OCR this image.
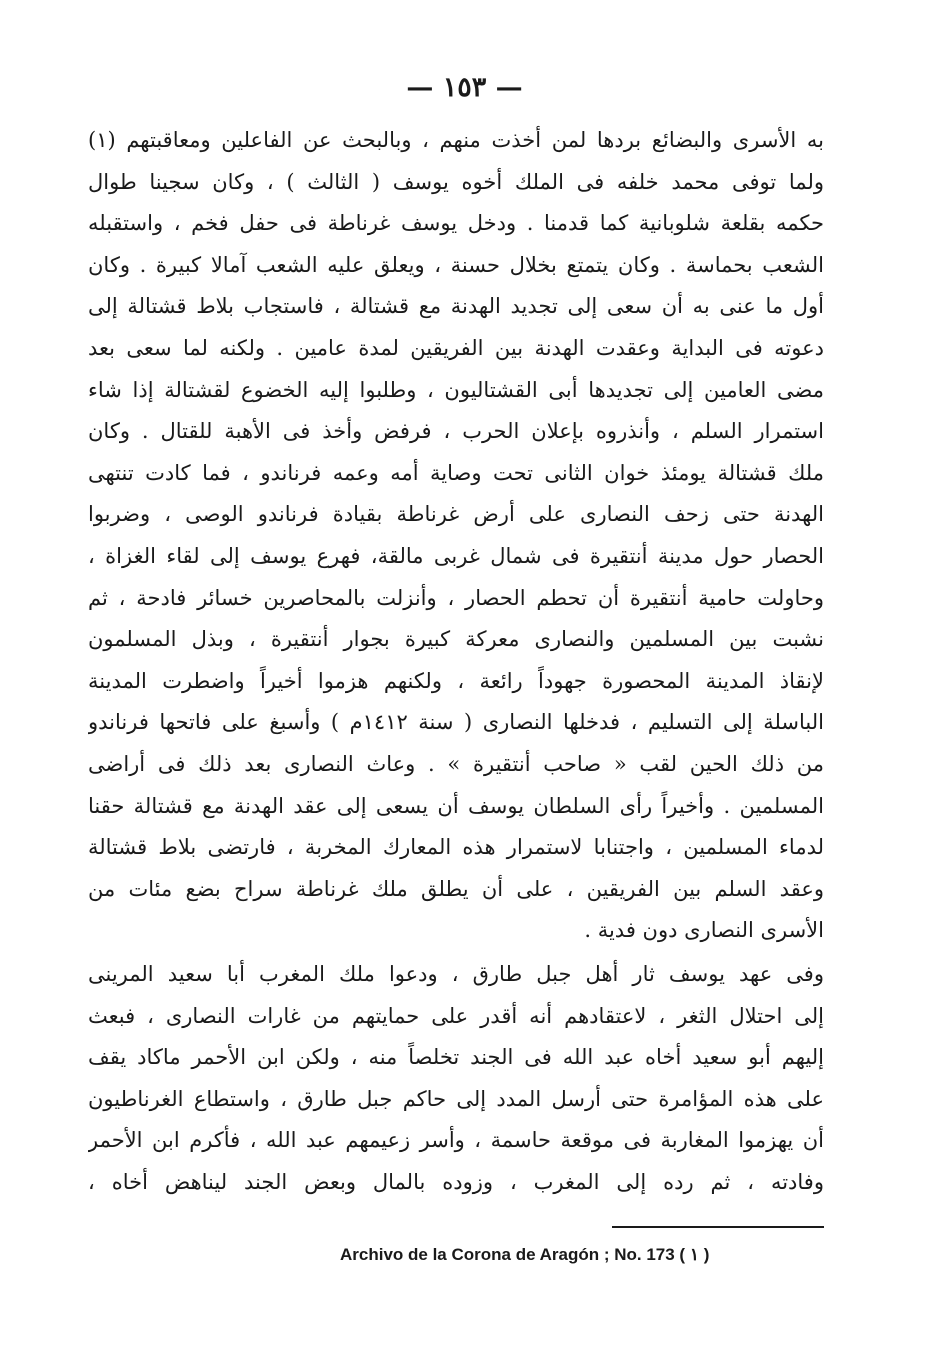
— ١٥٣ —
به الأسرى والبضائع بردها لمن أخذت منهم ، وبالبحث عن الفاعلين ومعاقبتهم (١)
ولما توفى محمد خلفه فى الملك أخوه يوسف ( الثالث ) ، وكان سجينا طوال
حكمه بقلعة شلوبانية كما قدمنا . ودخل يوسف غرناطة فى حفل فخم ، واستقبله
الشعب بحماسة . وكان يتمتع بخلال حسنة ، ويعلق عليه الشعب آمالا كبيرة . وكان
أول ما عنى به أن سعى إلى تجديد الهدنة مع قشتالة ، فاستجاب بلاط قشتالة إلى
دعوته فى البداية وعقدت الهدنة بين الفريقين لمدة عامين . ولكنه لما سعى بعد
مضى العامين إلى تجديدها أبى القشتاليون ، وطلبوا إليه الخضوع لقشتالة إذا شاء
استمرار السلم ، وأنذروه بإعلان الحرب ، فرفض وأخذ فى الأهبة للقتال . وكان
ملك قشتالة يومئذ خوان الثانى تحت وصاية أمه وعمه فرناندو ، فما كادت تنتهى
الهدنة حتى زحف النصارى على أرض غرناطة بقيادة فرناندو الوصى ، وضربوا
الحصار حول مدينة أنتقيرة فى شمال غربى مالقة، فهرع يوسف إلى لقاء الغزاة ،
وحاولت حامية أنتقيرة أن تحطم الحصار ، وأنزلت بالمحاصرين خسائر فادحة ، ثم
نشبت بين المسلمين والنصارى معركة كبيرة بجوار أنتقيرة ، وبذل المسلمون
لإنقاذ المدينة المحصورة جهوداً رائعة ، ولكنهم هزموا أخيراً واضطرت المدينة
الباسلة إلى التسليم ، فدخلها النصارى ( سنة ١٤١٢م ) وأسبغ على فاتحها فرناندو
من ذلك الحين لقب « صاحب أنتقيرة » . وعاث النصارى بعد ذلك فى أراضى
المسلمين . وأخيراً رأى السلطان يوسف أن يسعى إلى عقد الهدنة مع قشتالة حقنا
لدماء المسلمين ، واجتنابا لاستمرار هذه المعارك المخربة ، فارتضى بلاط قشتالة
وعقد السلم بين الفريقين ، على أن يطلق ملك غرناطة سراح بضع مئات من
الأسرى النصارى دون فدية .
وفى عهد يوسف ثار أهل جبل طارق ، ودعوا ملك المغرب أبا سعيد المرينى
إلى احتلال الثغر ، لاعتقادهم أنه أقدر على حمايتهم من غارات النصارى ، فبعث
إليهم أبو سعيد أخاه عبد الله فى الجند تخلصاً منه ، ولكن ابن الأحمر ماكاد يقف
على هذه المؤامرة حتى أرسل المدد إلى حاكم جبل طارق ، واستطاع الغرناطيون
أن يهزموا المغاربة فى موقعة حاسمة ، وأسر زعيمهم عبد الله ، فأكرم ابن الأحمر
وفادته ، ثم رده إلى المغرب ، وزوده بالمال وبعض الجند ليناهض أخاه ،
Archivo de la Corona de Aragón ; No. 173 ( ١ )
